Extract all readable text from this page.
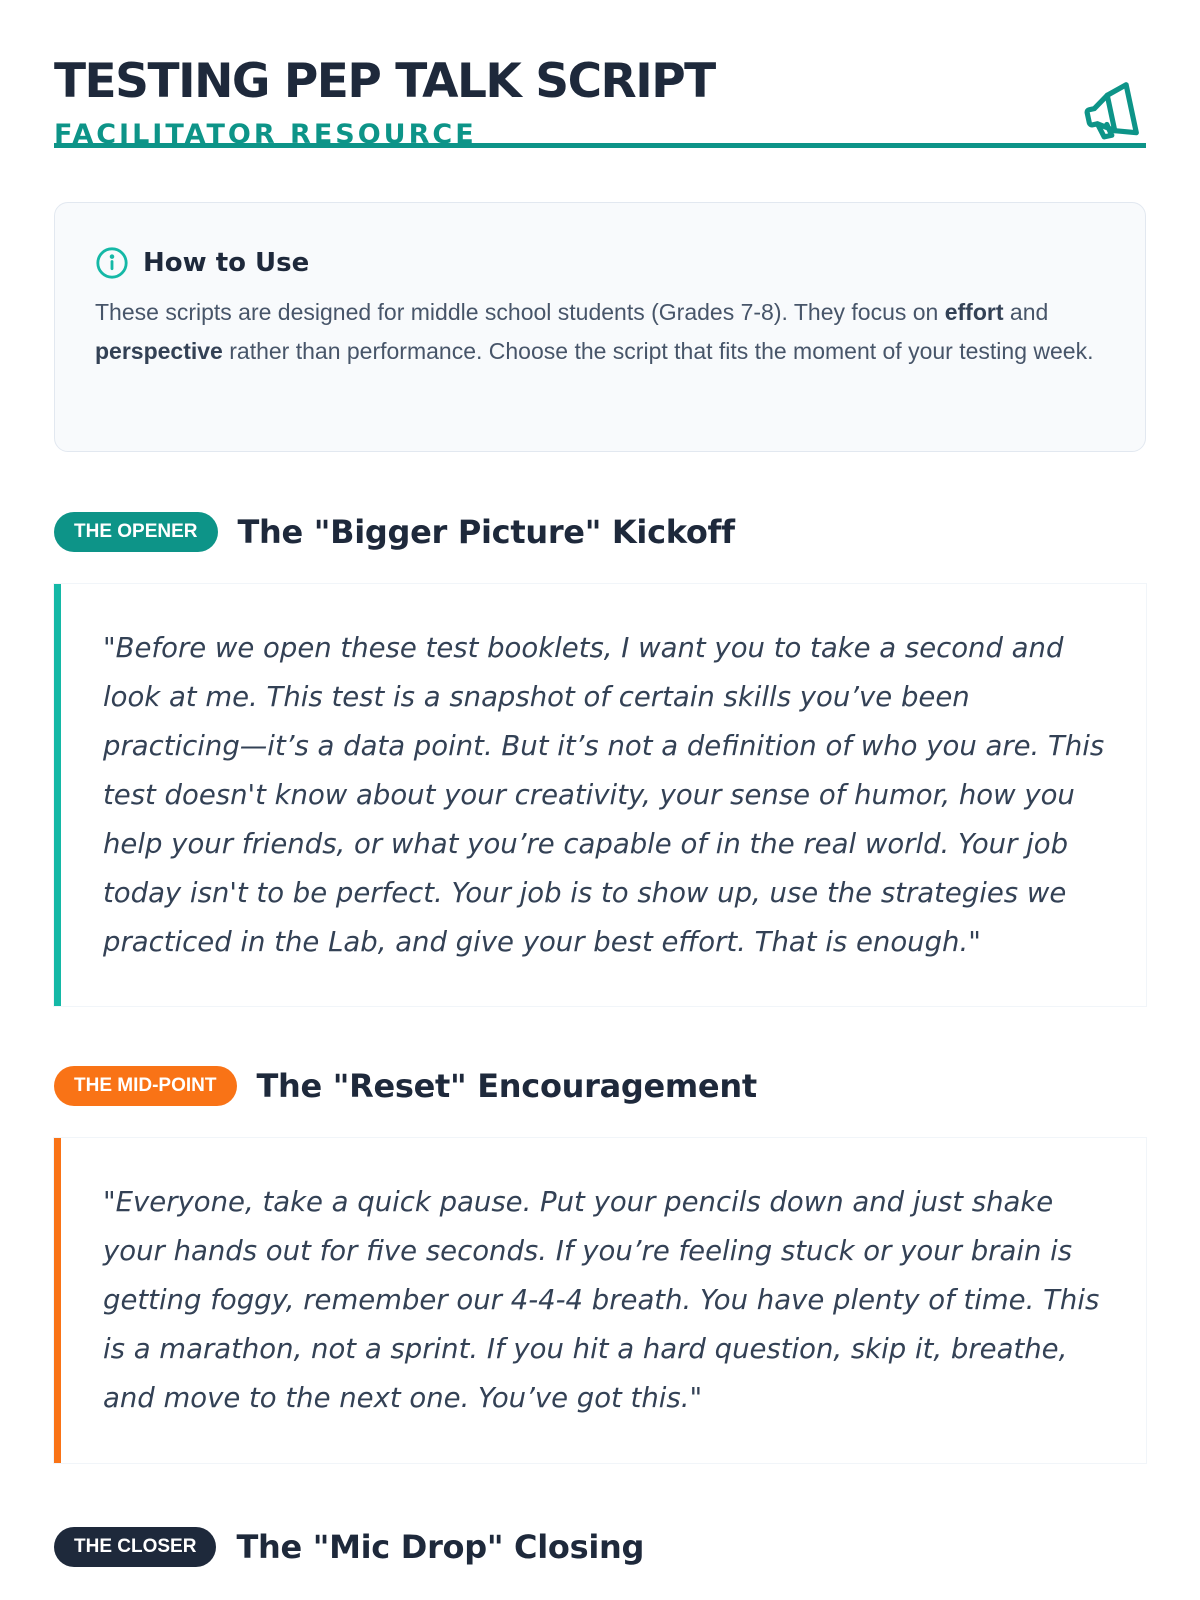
TESTING PEP TALK SCRIPT
FACILITATOR RESOURCE
How to Use
These scripts are designed for middle school students (Grades 7-8). They focus on effort and perspective rather than performance. Choose the script that fits the moment of your testing week.
THE OPENER	The "Bigger Picture" Kickoff
"Before we open these test booklets, I want you to take a second and look at me. This test is a snapshot of certain skills you’ve been practicing—it’s a data point. But it’s not a definition of who you are. This test doesn't know about your creativity, your sense of humor, how you help your friends, or what you’re capable of in the real world. Your job today isn't to be perfect. Your job is to show up, use the strategies we practiced in the Lab, and give your best effort. That is enough."
THE MID-POINT	The "Reset" Encouragement
"Everyone, take a quick pause. Put your pencils down and just shake your hands out for five seconds. If you’re feeling stuck or your brain is getting foggy, remember our 4-4-4 breath. You have plenty of time. This is a marathon, not a sprint. If you hit a hard question, skip it, breathe, and move to the next one. You’ve got this."
THE CLOSER	The "Mic Drop" Closing
